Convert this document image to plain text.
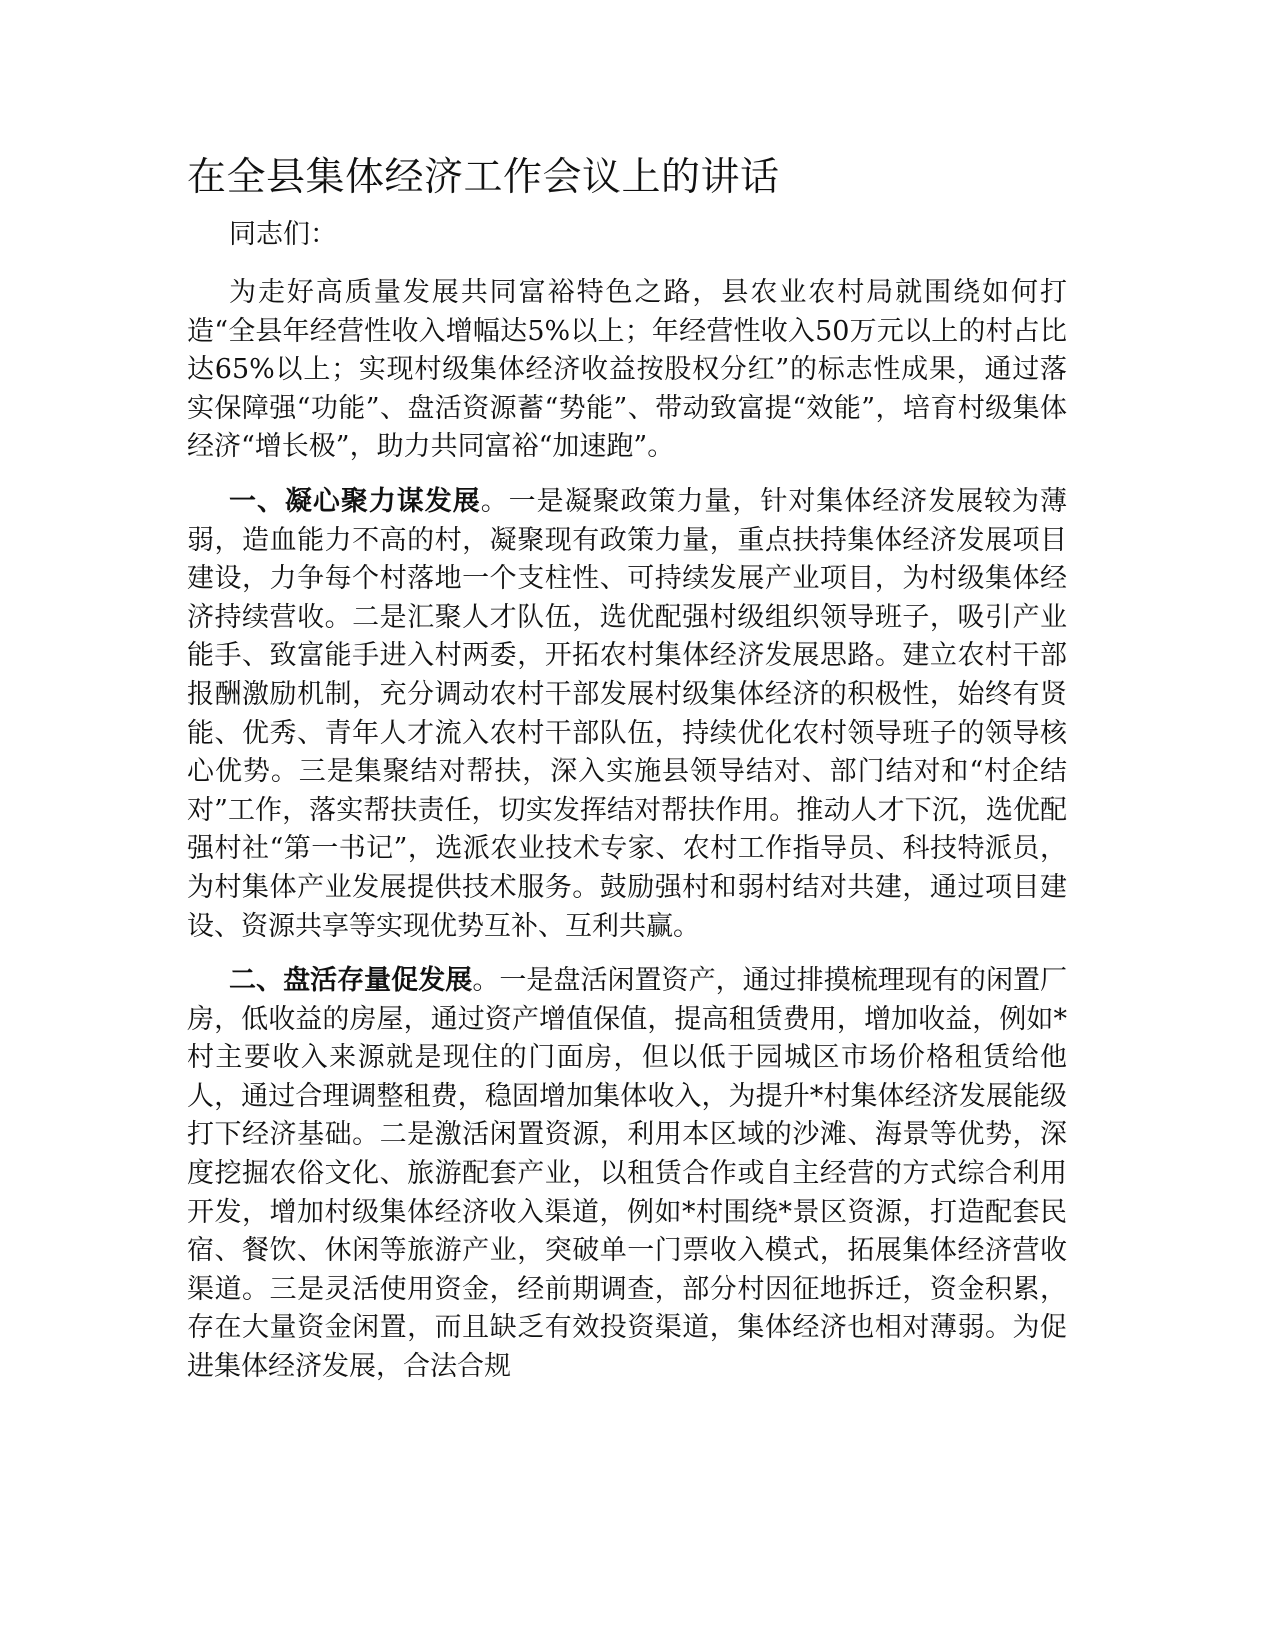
在全县集体经济工作会议上的讲话

同志们：

为走好高质量发展共同富裕特色之路，县农业农村局就围绕如何打造“全县年经营性收入增幅达5%以上；年经营性收入50万元以上的村占比达65%以上；实现村级集体经济收益按股权分红”的标志性成果，通过落实保障强“功能”、盘活资源蓄“势能”、带动致富提“效能”，培育村级集体经济“增长极”，助力共同富裕“加速跑”。

一、凝心聚力谋发展。一是凝聚政策力量，针对集体经济发展较为薄弱，造血能力不高的村，凝聚现有政策力量，重点扶持集体经济发展项目建设，力争每个村落地一个支柱性、可持续发展产业项目，为村级集体经济持续营收。二是汇聚人才队伍，选优配强村级组织领导班子，吸引产业能手、致富能手进入村两委，开拓农村集体经济发展思路。建立农村干部报酬激励机制，充分调动农村干部发展村级集体经济的积极性，始终有贤能、优秀、青年人才流入农村干部队伍，持续优化农村领导班子的领导核心优势。三是集聚结对帮扶，深入实施县领导结对、部门结对和“村企结对”工作，落实帮扶责任，切实发挥结对帮扶作用。推动人才下沉，选优配强村社“第一书记”，选派农业技术专家、农村工作指导员、科技特派员，为村集体产业发展提供技术服务。鼓励强村和弱村结对共建，通过项目建设、资源共享等实现优势互补、互利共赢。

二、盘活存量促发展。一是盘活闲置资产，通过排摸梳理现有的闲置厂房，低收益的房屋，通过资产增值保值，提高租赁费用，增加收益，例如*村主要收入来源就是现住的门面房，但以低于园城区市场价格租赁给他人，通过合理调整租费，稳固增加集体收入，为提升*村集体经济发展能级打下经济基础。二是激活闲置资源，利用本区域的沙滩、海景等优势，深度挖掘农俗文化、旅游配套产业，以租赁合作或自主经营的方式综合利用开发，增加村级集体经济收入渠道，例如*村围绕*景区资源，打造配套民宿、餐饮、休闲等旅游产业，突破单一门票收入模式，拓展集体经济营收渠道。三是灵活使用资金，经前期调查，部分村因征地拆迁，资金积累，存在大量资金闲置，而且缺乏有效投资渠道，集体经济也相对薄弱。为促进集体经济发展，合法合规
